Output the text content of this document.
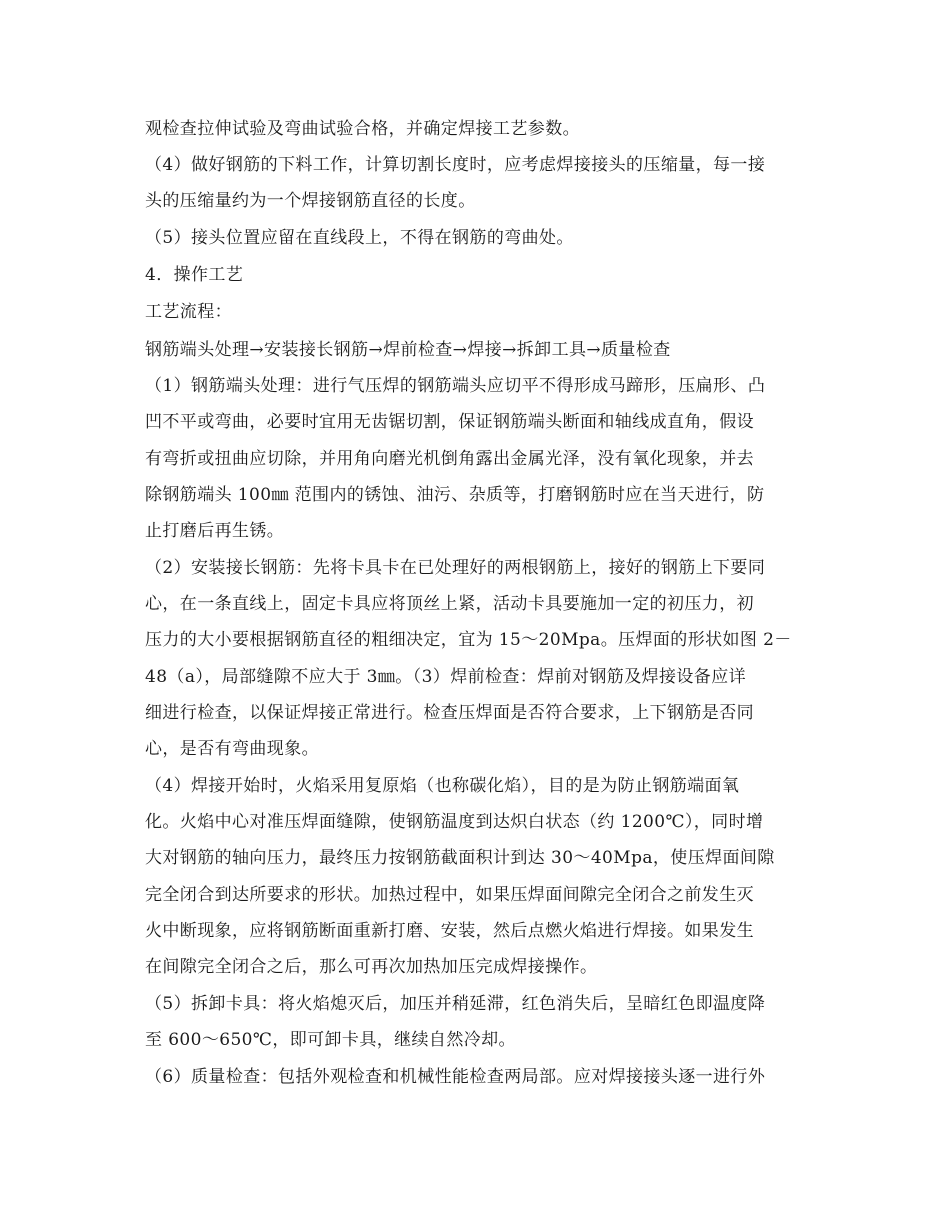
观检查拉伸试验及弯曲试验合格，并确定焊接工艺参数。
（4）做好钢筋的下料工作，计算切割长度时，应考虑焊接接头的压缩量，每一接
头的压缩量约为一个焊接钢筋直径的长度。
（5）接头位置应留在直线段上，不得在钢筋的弯曲处。
4．操作工艺
工艺流程：
钢筋端头处理→安装接长钢筋→焊前检查→焊接→拆卸工具→质量检查
（1）钢筋端头处理：进行气压焊的钢筋端头应切平不得形成马蹄形，压扁形、凸
凹不平或弯曲，必要时宜用无齿锯切割，保证钢筋端头断面和轴线成直角，假设
有弯折或扭曲应切除，并用角向磨光机倒角露出金属光泽，没有氧化现象，并去
除钢筋端头 100㎜ 范围内的锈蚀、油污、杂质等，打磨钢筋时应在当天进行，防
止打磨后再生锈。
（2）安装接长钢筋：先将卡具卡在已处理好的两根钢筋上，接好的钢筋上下要同
心，在一条直线上，固定卡具应将顶丝上紧，活动卡具要施加一定的初压力，初
压力的大小要根据钢筋直径的粗细决定，宜为 15～20Mpa。压焊面的形状如图 2－
48（a），局部缝隙不应大于 3㎜。（3）焊前检查：焊前对钢筋及焊接设备应详
细进行检查，以保证焊接正常进行。检查压焊面是否符合要求，上下钢筋是否同
心，是否有弯曲现象。
（4）焊接开始时，火焰采用复原焰（也称碳化焰），目的是为防止钢筋端面氧
化。火焰中心对准压焊面缝隙，使钢筋温度到达炽白状态（约 1200℃），同时增
大对钢筋的轴向压力，最终压力按钢筋截面积计到达 30～40Mpa，使压焊面间隙
完全闭合到达所要求的形状。加热过程中，如果压焊面间隙完全闭合之前发生灭
火中断现象，应将钢筋断面重新打磨、安装，然后点燃火焰进行焊接。如果发生
在间隙完全闭合之后，那么可再次加热加压完成焊接操作。
（5）拆卸卡具：将火焰熄灭后，加压并稍延滞，红色消失后，呈暗红色即温度降
至 600～650℃，即可卸卡具，继续自然冷却。
（6）质量检查：包括外观检查和机械性能检查两局部。应对焊接接头逐一进行外
